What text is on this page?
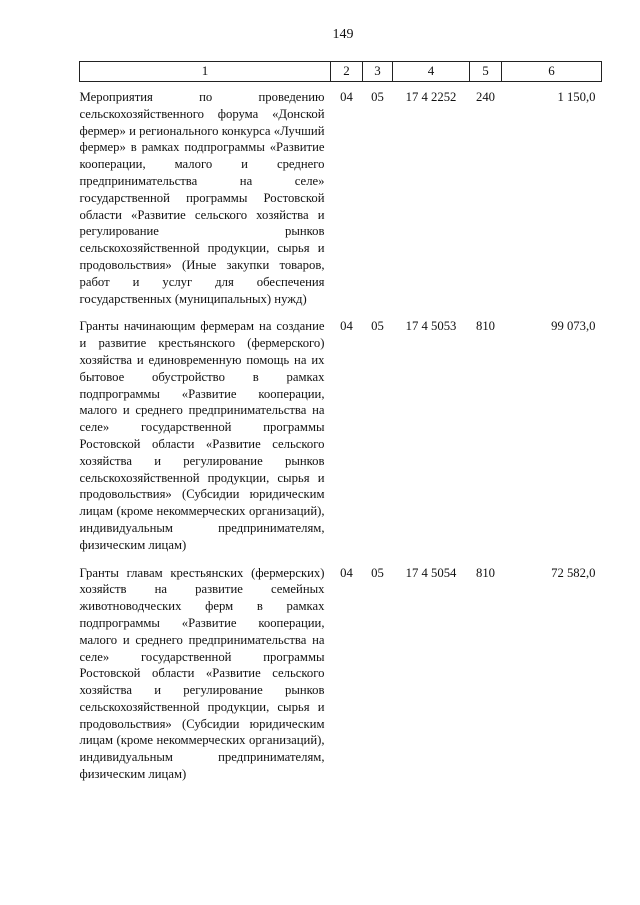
149
1	2	3	4	5	6
Мероприятия по проведению сельскохозяйственного форума «Донской фермер» и регионального конкурса «Лучший фермер» в рамках подпрограммы «Развитие кооперации, малого и среднего предпринимательства на селе» государственной программы Ростовской области «Развитие сельского хозяйства и регулирование рынков сельскохозяйственной продукции, сырья и продовольствия» (Иные закупки товаров, работ и услуг для обеспечения государственных (муниципальных) нужд)	04	05	17 4 2252	240	1 150,0
Гранты начинающим фермерам на создание и развитие крестьянского (фермерского) хозяйства и единовременную помощь на их бытовое обустройство в рамках подпрограммы «Развитие кооперации, малого и среднего предпринимательства на селе» государственной программы Ростовской области «Развитие сельского хозяйства и регулирование рынков сельскохозяйственной продукции, сырья и продовольствия» (Субсидии юридическим лицам (кроме некоммерческих организаций), индивидуальным предпринимателям, физическим лицам)	04	05	17 4 5053	810	99 073,0
Гранты главам крестьянских (фермерских) хозяйств на развитие семейных животноводческих ферм в рамках подпрограммы «Развитие кооперации, малого и среднего предпринимательства на селе» государственной программы Ростовской области «Развитие сельского хозяйства и регулирование рынков сельскохозяйственной продукции, сырья и продовольствия» (Субсидии юридическим лицам (кроме некоммерческих организаций), индивидуальным предпринимателям, физическим лицам)	04	05	17 4 5054	810	72 582,0
